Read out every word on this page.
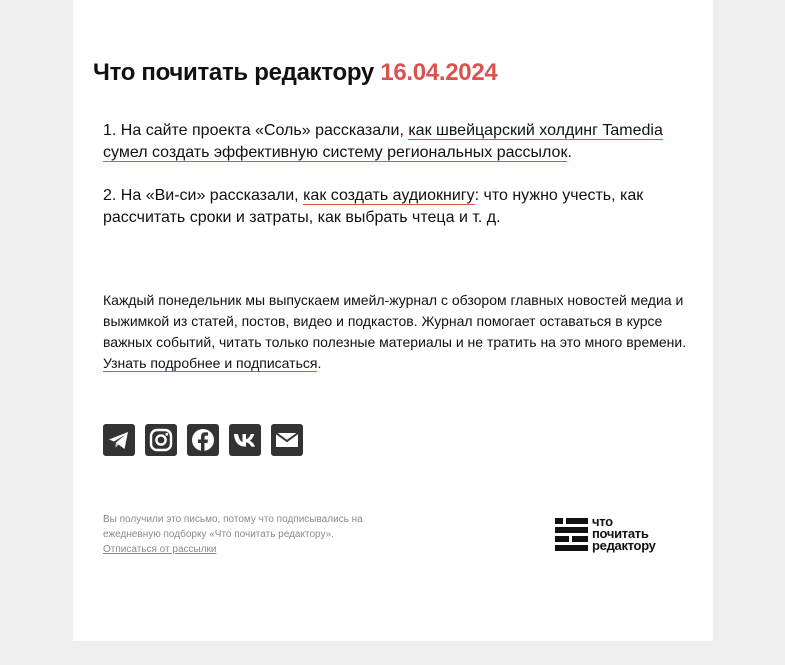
Что почитать редактору 16.04.2024

1. На сайте проекта «Соль» рассказали, как швейцарский холдинг Tamedia сумел создать эффективную систему региональных рассылок.

2. На «Ви-си» рассказали, как создать аудиокнигу: что нужно учесть, как рассчитать сроки и затраты, как выбрать чтеца и т. д.

Каждый понедельник мы выпускаем имейл-журнал с обзором главных новостей медиа и выжимкой из статей, постов, видео и подкастов. Журнал помогает оставаться в курсе важных событий, читать только полезные материалы и не тратить на это много времени. Узнать подробнее и подписаться.

Вы получили это письмо, потому что подписывались на ежедневную подборку «Что почитать редактору».
Отписаться от рассылки
что
почитать
редактору
